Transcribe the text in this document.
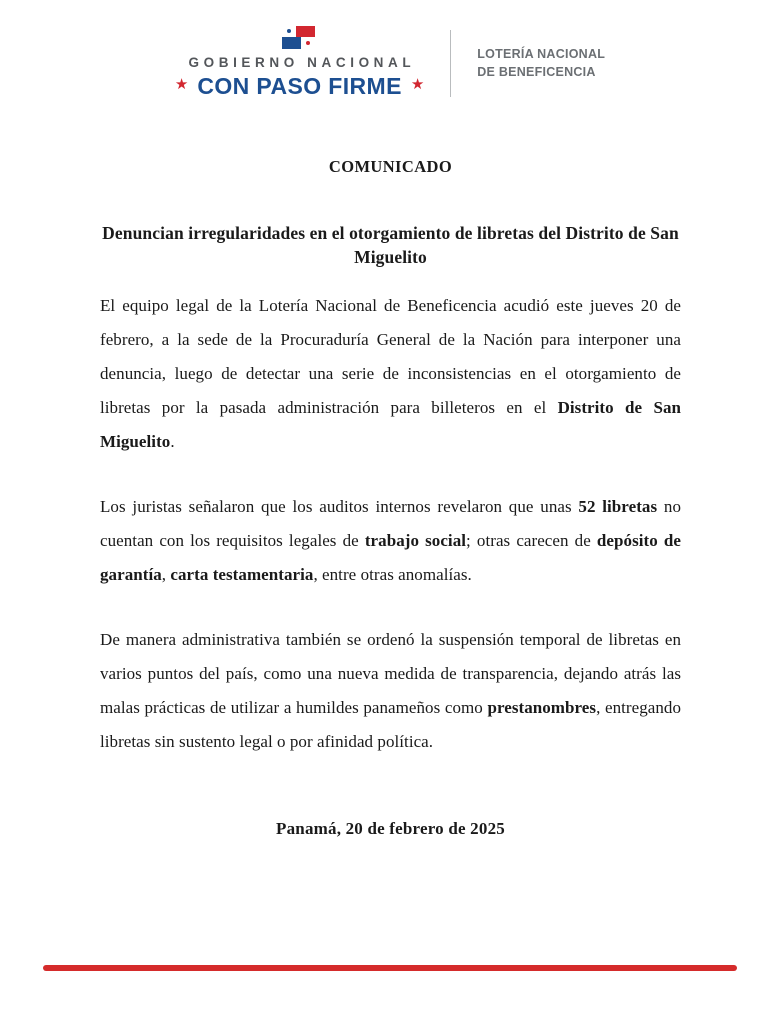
GOBIERNO NACIONAL
★ CON PASO FIRME ★
LOTERÍA NACIONAL
DE BENEFICENCIA
COMUNICADO
Denuncian irregularidades en el otorgamiento de libretas del Distrito de San Miguelito

El equipo legal de la Lotería Nacional de Beneficencia acudió este jueves 20 de febrero, a la sede de la Procuraduría General de la Nación para interponer una denuncia, luego de detectar una serie de inconsistencias en el otorgamiento de libretas por la pasada administración para billeteros en el Distrito de San Miguelito.

Los juristas señalaron que los auditos internos revelaron que unas 52 libretas no cuentan con los requisitos legales de trabajo social; otras carecen de depósito de garantía, carta testamentaria, entre otras anomalías.

De manera administrativa también se ordenó la suspensión temporal de libretas en varios puntos del país, como una nueva medida de transparencia, dejando atrás las malas prácticas de utilizar a humildes panameños como prestanombres, entregando libretas sin sustento legal o por afinidad política.

Panamá, 20 de febrero de 2025
